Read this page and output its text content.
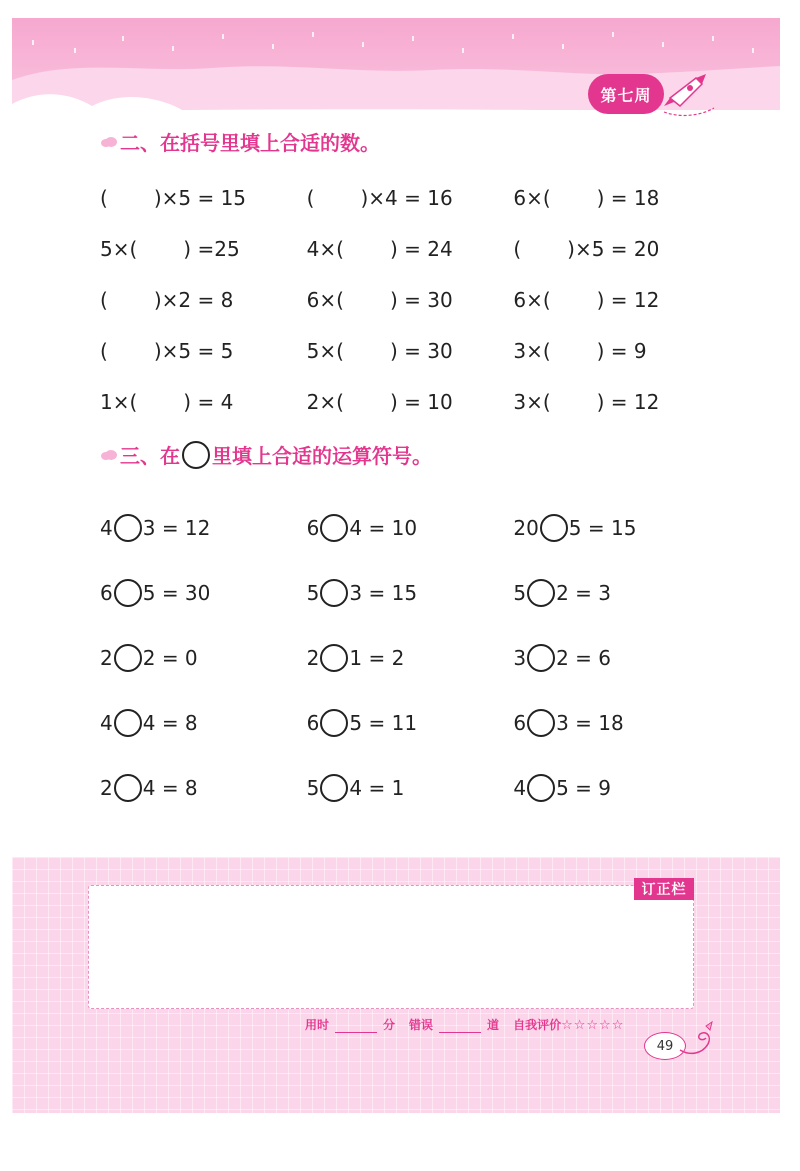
第七周
二、在括号里填上合适的数。
( )×5 = 15	( )×4 = 16	6×( ) = 18
5×( ) =25	4×( ) = 24	( )×5 = 20
( )×2 = 8	6×( ) = 30	6×( ) = 12
( )×5 = 5	5×( ) = 30	3×( ) = 9
1×( ) = 4	2×( ) = 10	3×( ) = 12
三、在 里填上合适的运算符号。
4 3 = 12	6 4 = 10	20 5 = 15
6 5 = 30	5 3 = 15	5 2 = 3
2 2 = 0	2 1 = 2	3 2 = 6
4 4 = 8	6 5 = 11	6 3 = 18
2 4 = 8	5 4 = 1	4 5 = 9
订正栏
用时	分 错误	道 自我评价 ☆☆☆☆☆
49
